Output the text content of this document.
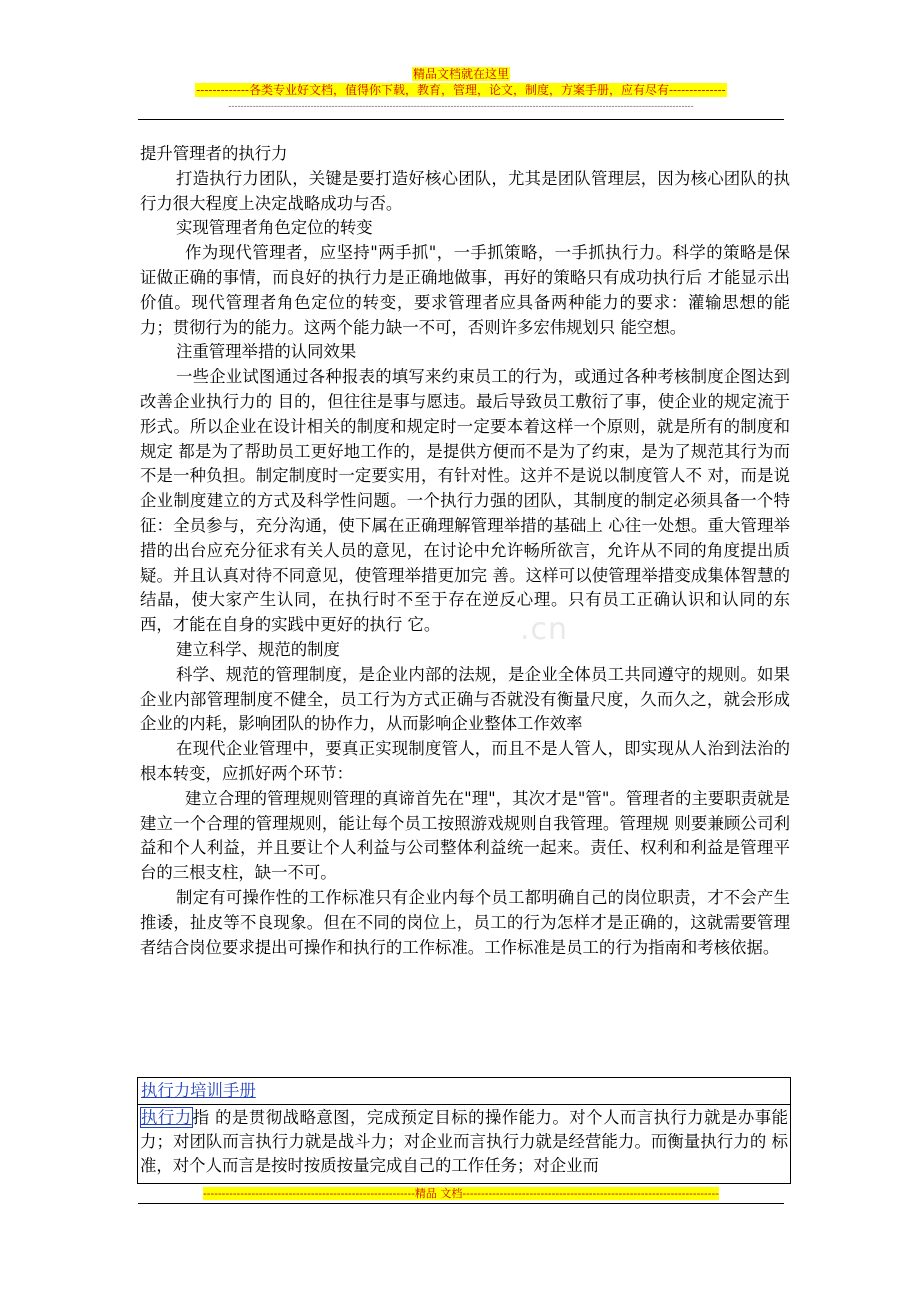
精品文档就在这里
-------------各类专业好文档，值得你下载，教育，管理，论文，制度，方案手册，应有尽有--------------
---------------------------------------------------------------------------------------------------------------------------------------------------------
.cn

提升管理者的执行力

打造执行力团队，关键是要打造好核心团队，尤其是团队管理层，因为核心团队的执行力很大程度上决定战略成功与否。

实现管理者角色定位的转变

作为现代管理者，应坚持"两手抓"，一手抓策略，一手抓执行力。科学的策略是保证做正确的事情，而良好的执行力是正确地做事，再好的策略只有成功执行后 才能显示出价值。现代管理者角色定位的转变，要求管理者应具备两种能力的要求：灌输思想的能力；贯彻行为的能力。这两个能力缺一不可，否则许多宏伟规划只 能空想。

注重管理举措的认同效果

一些企业试图通过各种报表的填写来约束员工的行为，或通过各种考核制度企图达到改善企业执行力的 目的，但往往是事与愿违。最后导致员工敷衍了事，使企业的规定流于形式。所以企业在设计相关的制度和规定时一定要本着这样一个原则，就是所有的制度和规定 都是为了帮助员工更好地工作的，是提供方便而不是为了约束，是为了规范其行为而不是一种负担。制定制度时一定要实用，有针对性。这并不是说以制度管人不 对，而是说企业制度建立的方式及科学性问题。一个执行力强的团队，其制度的制定必须具备一个特征：全员参与，充分沟通，使下属在正确理解管理举措的基础上 心往一处想。重大管理举措的出台应充分征求有关人员的意见，在讨论中允许畅所欲言，允许从不同的角度提出质疑。并且认真对待不同意见，使管理举措更加完 善。这样可以使管理举措变成集体智慧的结晶，使大家产生认同，在执行时不至于存在逆反心理。只有员工正确认识和认同的东西，才能在自身的实践中更好的执行 它。

建立科学、规范的制度

科学、规范的管理制度，是企业内部的法规，是企业全体员工共同遵守的规则。如果企业内部管理制度不健全，员工行为方式正确与否就没有衡量尺度，久而久之，就会形成企业的内耗，影响团队的协作力，从而影响企业整体工作效率

在现代企业管理中，要真正实现制度管人，而且不是人管人，即实现从人治到法治的根本转变，应抓好两个环节：

建立合理的管理规则管理的真谛首先在"理"，其次才是"管"。管理者的主要职责就是建立一个合理的管理规则，能让每个员工按照游戏规则自我管理。管理规 则要兼顾公司利益和个人利益，并且要让个人利益与公司整体利益统一起来。责任、权利和利益是管理平台的三根支柱，缺一不可。

制定有可操作性的工作标准只有企业内每个员工都明确自己的岗位职责，才不会产生推诿，扯皮等不良现象。但在不同的岗位上，员工的行为怎样才是正确的，这就需要管理者结合岗位要求提出可操作和执行的工作标准。工作标准是员工的行为指南和考核依据。

执行力培训手册
执行力指 的是贯彻战略意图，完成预定目标的操作能力。对个人而言执行力就是办事能力；对团队而言执行力就是战斗力；对企业而言执行力就是经营能力。而衡量执行力的 标准，对个人而言是按时按质按量完成自己的工作任务；对企业而
---------------------------------------------------------精品 文档---------------------------------------------------------------------
